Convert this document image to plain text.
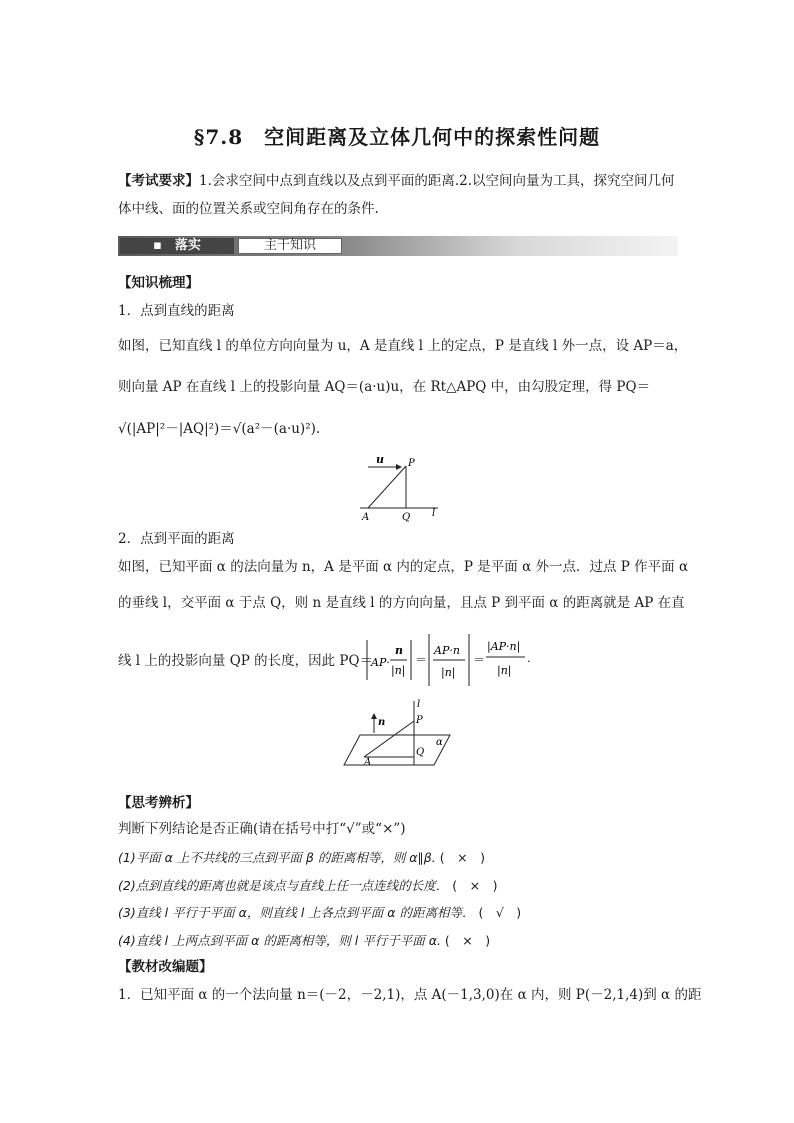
§7.8　空间距离及立体几何中的探索性问题
【考试要求】1.会求空间中点到直线以及点到平面的距离.2.以空间向量为工具，探究空间几何
体中线、面的位置关系或空间角存在的条件.
▪　落实	主干知识
【知识梳理】
1．点到直线的距离
如图，已知直线 l 的单位方向向量为 u，A 是直线 l 上的定点，P 是直线 l 外一点，设 AP＝a，
则向量 AP 在直线 l 上的投影向量 AQ＝(a·u)u，在 Rt△APQ 中，由勾股定理，得 PQ＝
√(|AP|²－|AQ|²)＝√(a²－(a·u)²).
u P
A	Q l
2．点到平面的距离
如图，已知平面 α 的法向量为 n，A 是平面 α 内的定点，P 是平面 α 外一点．过点 P 作平面 α
的垂线 l，交平面 α 于点 Q，则 n 是直线 l 的方向向量，且点 P 到平面 α 的距离就是 AP 在直
线 l 上的投影向量 QP 的长度，因此 PQ＝
AP·
n
|n|
＝
AP·n
|n|
＝
|AP·n|
|n|
.
n
l
P
A
Q
α
【思考辨析】
判断下列结论是否正确(请在括号中打“√”或“×”)
(1)平面 α 上不共线的三点到平面 β 的距离相等，则 α∥β. (　×　)
(2)点到直线的距离也就是该点与直线上任一点连线的长度． (　×　)
(3)直线 l 平行于平面 α，则直线 l 上各点到平面 α 的距离相等． (　√　)
(4)直线 l 上两点到平面 α 的距离相等，则 l 平行于平面 α. (　×　)
【教材改编题】
1．已知平面 α 的一个法向量 n＝(－2，－2,1)，点 A(－1,3,0)在 α 内，则 P(－2,1,4)到 α 的距
